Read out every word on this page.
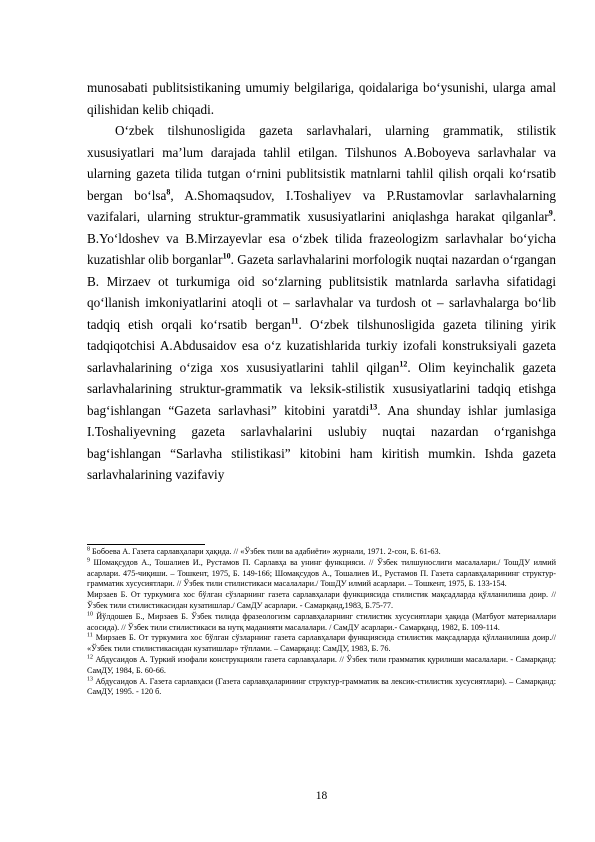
munosabati publitsistikaning umumiy belgilariga, qoidalariga bo‘ysunishi, ularga amal qilishidan kelib chiqadi.

O‘zbek tilshunosligida gazeta sarlavhalari, ularning grammatik, stilistik xususiyatlari ma’lum darajada tahlil etilgan. Tilshunos A.Boboyeva sarlavhalar va ularning gazeta tilida tutgan o‘rnini publitsistik matnlarni tahlil qilish orqali ko‘rsatib bergan bo‘lsa$^8$, A.Shomaqsudov, I.Toshaliyev va P.Rustamovlar sarlavhalarning vazifalari, ularning struktur-grammatik xususiyatlarini aniqlashga harakat qilganlar$^9$. B.Yo‘ldoshev va B.Mirzayevlar esa o‘zbek tilida frazeologizm sarlavhalar bo‘yicha kuzatishlar olib borganlar$^{10}$. Gazeta sarlavhalarini morfologik nuqtai nazardan o‘rgangan B. Mirzaev ot turkumiga oid so‘zlarning publitsistik matnlarda sarlavha sifatidagi qo‘llanish imkoniyatlarini atoqli ot – sarlavhalar va turdosh ot – sarlavhalarga bo‘lib tadqiq etish orqali ko‘rsatib bergan$^{11}$. O‘zbek tilshunosligida gazeta tilining yirik tadqiqotchisi A.Abdusaidov esa o‘z kuzatishlarida turkiy izofali konstruksiyali gazeta sarlavhalarining o‘ziga xos xususiyatlarini tahlil qilgan$^{12}$. Olim keyinchalik gazeta sarlavhalarining struktur-grammatik va leksik-stilistik xususiyatlarini tadqiq etishga bag‘ishlangan “Gazeta sarlavhasi” kitobini yaratdi$^{13}$. Ana shunday ishlar jumlasiga I.Toshaliyevning gazeta sarlavhalarini uslubiy nuqtai nazardan o‘rganishga bag‘ishlangan “Sarlavha stilistikasi” kitobini ham kiritish mumkin. Ishda gazeta sarlavhalarining vazifaviy

$^8$ Бобоева А. Газета сарлавҳалари ҳақида. // «Ўзбек тили ва адабиёти» журнали, 1971. 2-сон, Б. 61-63.

$^9$ Шомақсудов А., Тошалиев И., Рустамов П. Сарлавҳа ва унинг функцияси. // Ўзбек тилшунослиги масалалари./ ТошДУ илмий асарлари. 475-чиқиши. – Тошкент, 1975, Б. 149-166; Шомақсудов А., Тошалиев И., Рустамов П. Газета сарлавҳаларининг структур-грамматик хусусиятлари. // Ўзбек тили стилистикаси масалалари./ ТошДУ илмий асарлари. – Тошкент, 1975, Б. 133-154.

Мирзаев Б. От туркумига хос бўлган сўзларнинг газета сарлавҳалари функциясида стилистик мақсадларда қўлланилиша доир. // Ўзбек тили стилистикасидан кузатишлар./ СамДУ асарлари. - Самарқанд,1983, Б.75-77.

$^{10}$ Йўлдошев Б., Мирзаев Б. Ўзбек тилида фразеологизм сарлавҳаларнинг стилистик хусусиятлари ҳақида (Матбуот материаллари асосида). // Ўзбек тили стилистикаси ва нутқ маданияти масалалари. / СамДУ асарлари.- Самарқанд, 1982, Б. 109-114.

$^{11}$ Мирзаев Б. От туркумига хос бўлган сўзларнинг газета сарлавҳалари функциясида стилистик мақсадларда қўлланилиша доир.// «Ўзбек тили стилистикасидан кузатишлар» тўплами. – Самарқанд: СамДУ, 1983, Б. 76.

$^{12}$ Абдусаидов А. Туркий изофали конструкцияли газета сарлавҳалари. // Ўзбек тили грамматик қурилиши масалалари. - Самарқанд: СамДУ, 1984, Б. 60-66.

$^{13}$ Абдусаидов А. Газета сарлавҳаси (Газета сарлавҳаларининг структур-грамматик ва лексик-стилистик хусусиятлари). – Самарқанд: СамДУ, 1995. - 120 б.

18
